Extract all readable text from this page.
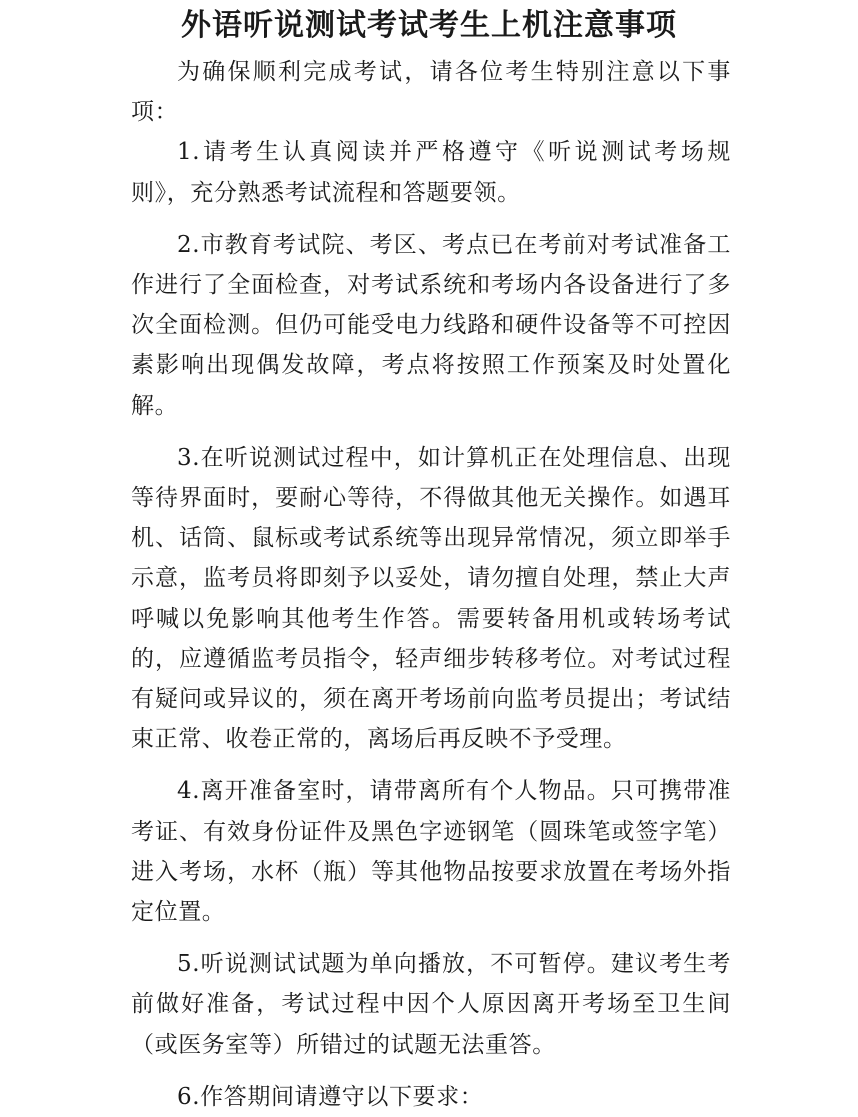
外语听说测试考试考生上机注意事项

为确保顺利完成考试，请各位考生特别注意以下事项：

1.请考生认真阅读并严格遵守《听说测试考场规则》，充分熟悉考试流程和答题要领。

2.市教育考试院、考区、考点已在考前对考试准备工作进行了全面检查，对考试系统和考场内各设备进行了多次全面检测。但仍可能受电力线路和硬件设备等不可控因素影响出现偶发故障，考点将按照工作预案及时处置化解。

3.在听说测试过程中，如计算机正在处理信息、出现等待界面时，要耐心等待，不得做其他无关操作。如遇耳机、话筒、鼠标或考试系统等出现异常情况，须立即举手示意，监考员将即刻予以妥处，请勿擅自处理，禁止大声呼喊以免影响其他考生作答。需要转备用机或转场考试的，应遵循监考员指令，轻声细步转移考位。对考试过程有疑问或异议的，须在离开考场前向监考员提出；考试结束正常、收卷正常的，离场后再反映不予受理。

4.离开准备室时，请带离所有个人物品。只可携带准考证、有效身份证件及黑色字迹钢笔（圆珠笔或签字笔）进入考场，水杯（瓶）等其他物品按要求放置在考场外指定位置。

5.听说测试试题为单向播放，不可暂停。建议考生考前做好准备，考试过程中因个人原因离开考场至卫生间（或医务室等）所错过的试题无法重答。

6.作答期间请遵守以下要求：
